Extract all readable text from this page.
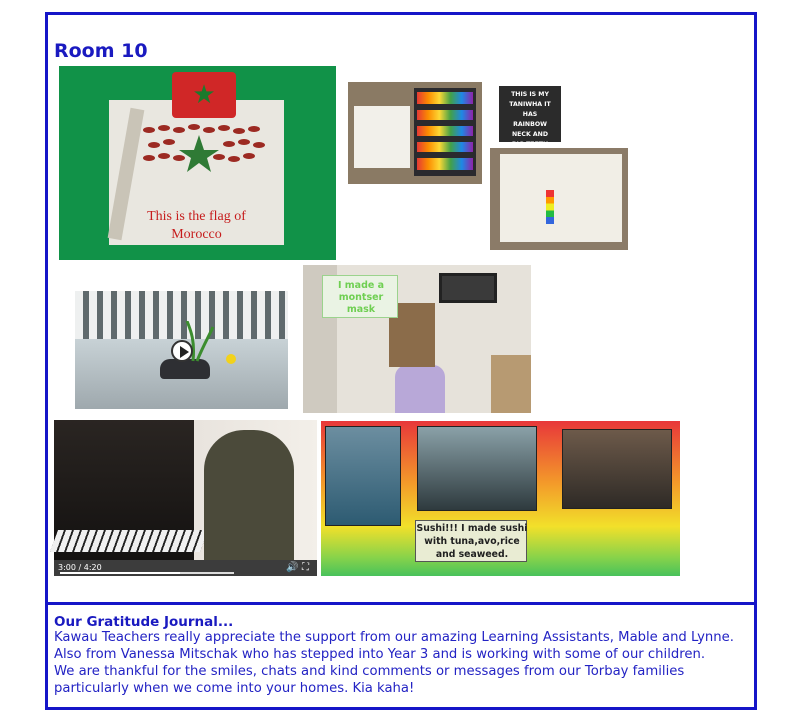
Room 10
★
This is the flag of
Morocco
THIS IS MY
TANIWHA IT HAS
RAINBOW NECK AND
BIG TEETH
I made a
montser
mask
3:00 / 4:20	🔊 ⛶
Sushi!!! I made sushi
with tuna,avo,rice
and seaweed.
Our Gratitude Journal...
Kawau Teachers really appreciate the support from our amazing Learning Assistants, Mable and Lynne.
Also from Vanessa Mitschak who has stepped into Year 3 and is working with some of our children.
We are thankful for the smiles, chats and kind comments or messages from our Torbay families
particularly when we come into your homes. Kia kaha!
